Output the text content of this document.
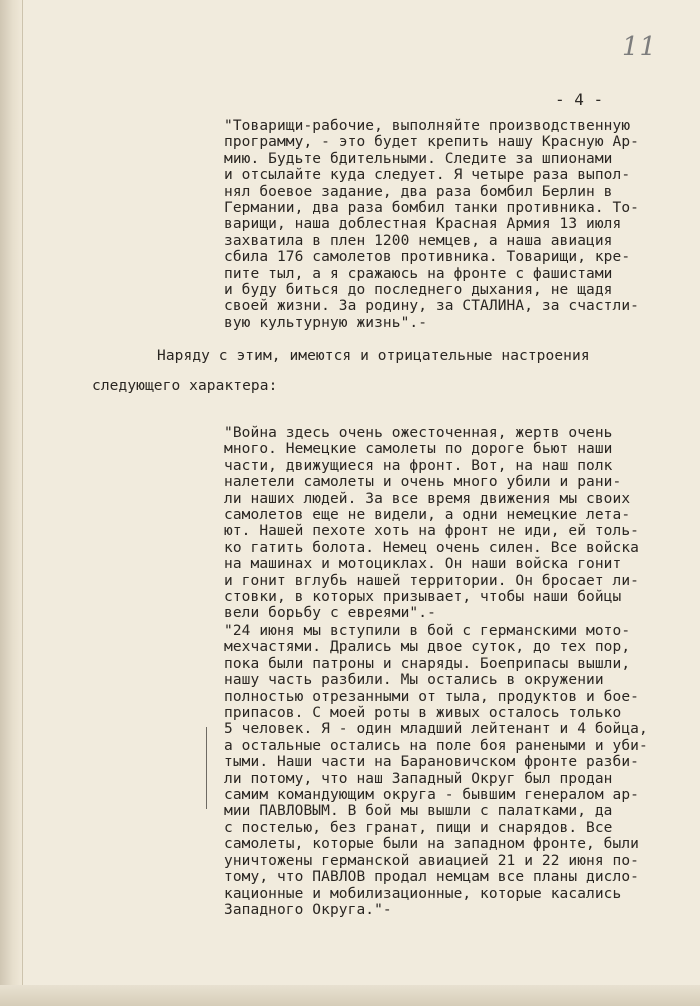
11
- 4 -
"Товарищи-рабочие, выполняйте производственную
программу, - это будет крепить нашу Красную Ар-
мию. Будьте бдительными. Следите за шпионами
и отсылайте куда следует. Я четыре раза выпол-
нял боевое задание, два раза бомбил Берлин в
Германии, два раза бомбил танки противника. То-
варищи, наша доблестная Красная Армия 13 июля
захватила в плен 1200 немцев, а наша авиация
сбила 176 самолетов противника. Товарищи, кре-
пите тыл, а я сражаюсь на фронте с фашистами
и буду биться до последнего дыхания, не щадя
своей жизни. За родину, за СТАЛИНА, за счастли-
вую культурную жизнь".-
Наряду с этим, имеются и отрицательные настроения
следующего характера:
"Война здесь очень ожесточенная, жертв очень
много. Немецкие самолеты по дороге бьют наши
части, движущиеся на фронт. Вот, на наш полк
налетели самолеты и очень много убили и рани-
ли наших людей. За все время движения мы своих
самолетов еще не видели, а одни немецкие лета-
ют. Нашей пехоте хоть на фронт не иди, ей толь-
ко гатить болота. Немец очень силен. Все войска
на машинах и мотоциклах. Он наши войска гонит
и гонит вглубь нашей территории. Он бросает ли-
стовки, в которых призывает, чтобы наши бойцы
вели борьбу с евреями".-
"24 июня мы вступили в бой с германскими мото-
мехчастями. Дрались мы двое суток, до тех пор,
пока были патроны и снаряды. Боеприпасы вышли,
нашу часть разбили. Мы остались в окружении
полностью отрезанными от тыла, продуктов и бое-
припасов. С моей роты в живых осталось только
5 человек. Я - один младший лейтенант и 4 бойца,
а остальные остались на поле боя ранеными и уби-
тыми. Наши части на Барановичском фронте разби-
ли потому, что наш Западный Округ был продан
самим командующим округа - бывшим генералом ар-
мии ПАВЛОВЫМ. В бой мы вышли с палатками, да
с постелью, без гранат, пищи и снарядов. Все
самолеты, которые были на западном фронте, были
уничтожены германской авиацией 21 и 22 июня по-
тому, что ПАВЛОВ продал немцам все планы дисло-
кационные и мобилизационные, которые касались
Западного Округа."-
